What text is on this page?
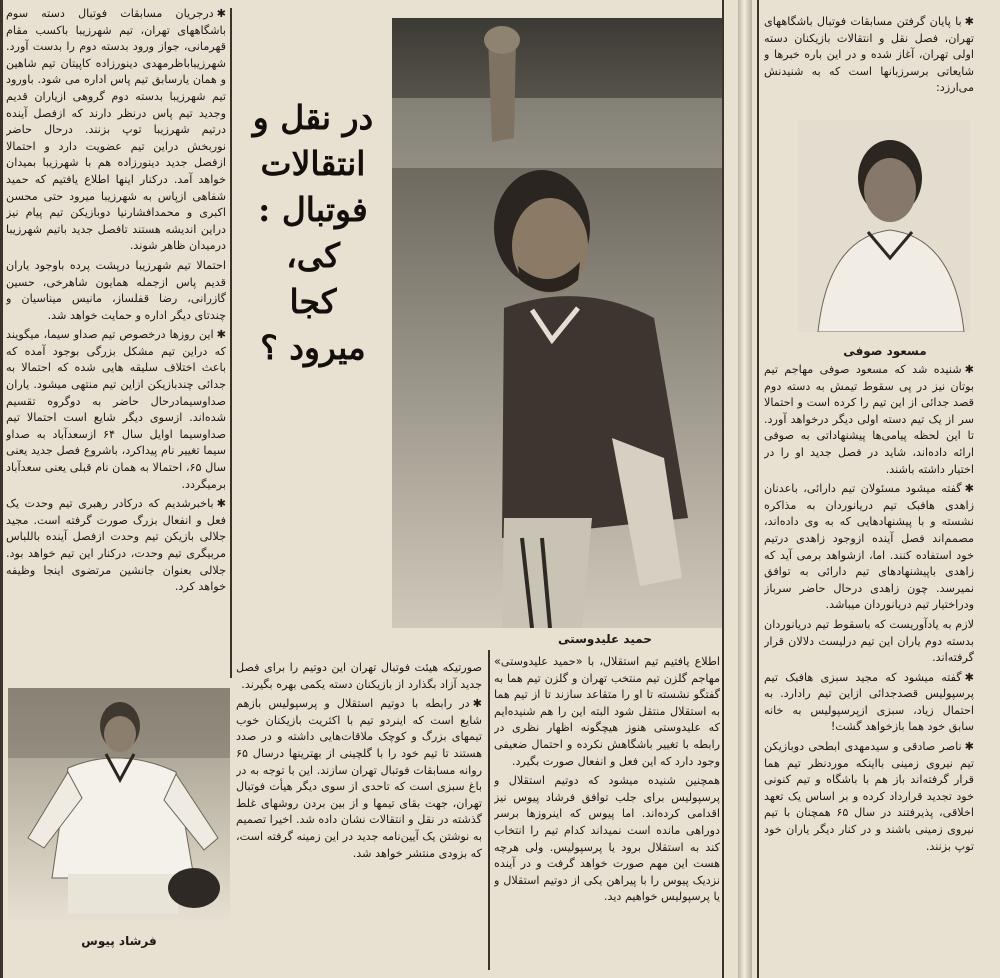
✱درجریان مسابقات فوتبال دسته سوم باشگاههای تهران، تیم شهرزیبا باکسب مقام قهرمانی، جواز ورود بدسته دوم را بدست آورد. شهرزیباباظرمهدی دینورزاده کاپیتان تیم شاهین و همان یارسابق تیم پاس اداره می شود. باورود تیم شهرزیبا بدسته دوم گروهی ازیاران قدیم وجدید تیم پاس درنظر دارند که ازفصل آینده درتیم شهرزیبا توپ بزنند. درحال حاضر نوربخش دراین تیم عضویت دارد و احتمالا ازفصل جدید دینورزاده هم با شهرزیبا بمیدان خواهد آمد. درکنار اینها اطلاع یافتیم که حمید شفاهی ازپاس به شهرزیبا میرود حتی محسن اکبری و محمدافشارنیا دوبازیکن تیم پیام نیز دراین اندیشه هستند تافصل جدید باتیم شهرزیبا درمیدان ظاهر شوند.

احتمالا تیم شهرزیبا درپشت پرده باوجود یاران قدیم پاس ازجمله همایون شاهرخی، حسین گازرانی، رضا قفلساز، مانیس میناسیان و چندتای دیگر اداره و حمایت خواهد شد.

✱این روزها درخصوص تیم صداو سیما، میگویند که دراین تیم مشکل بزرگی بوجود آمده که باعث اختلاف سلیقه هایی شده که احتمالا به جدائی چندبازیکن ازاین تیم منتهی میشود. یاران صداوسیمادرحال حاضر به دوگروه تقسیم شده‌اند. ازسوی دیگر شایع است احتمالا تیم صداوسیما اوایل سال ۶۴ ازسعدآباد به صداو سیما تغییر نام پیداکرد، باشروع فصل جدید یعنی سال ۶۵، احتمالا به همان نام قبلی یعنی سعدآباد برمیگردد.

✱باخبرشدیم که درکادر رهبری تیم وحدت یک فعل و انفعال بزرگ صورت گرفته است. مجید جلالی بازیکن تیم وحدت ازفصل آینده باللباس مربیگری تیم وحدت، درکنار این تیم خواهد بود. جلالی بعنوان جانشین مرتضوی اینجا وظیفه خواهد کرد.

فرشاد پیوس
حمید علیدوستی
در نقل و
انتقالات
فوتبال :
کی،
کجا
میرود ؟

صورتیکه هیئت فوتبال تهران این دوتیم را برای فصل جدید آزاد بگذارد از بازیکنان دسته یکمی بهره بگیرند.

✱در رابطه با دوتیم استقلال و پرسپولیس بازهم شایع است که اینردو تیم با اکثریت بازیکنان خوب تیمهای بزرگ و کوچک ملاقات‌هایی داشته و در صدد هستند تا تیم خود را با گلچینی از بهترینها درسال ۶۵ روانه مسابقات فوتبال تهران سازند. این با توجه به در باغ سبزی است که تاحدی از سوی دیگر هیأت فوتبال تهران، جهت بقای تیمها و از بین بردن روشهای غلط گذشته در نقل و انتقالات نشان داده شد. اخیرا تصمیم به نوشتن یک آیین‌نامه جدید در این زمینه گرفته است، که بزودی منتشر خواهد شد.

اطلاع یافتیم تیم استقلال، با «حمید علیدوستی» مهاجم گلزن تیم منتخب تهران و گلزن تیم هما به گفتگو نشسته تا او را متقاعد سازند تا از تیم هما به استقلال منتقل شود البته این را هم شنیده‌ایم که علیدوستی هنوز هیچگونه اظهار نظری در رابطه با تغییر باشگاهش نکرده و احتمال ضعیفی وجود دارد که این فعل و انفعال صورت بگیرد.

همچنین شنیده میشود که دوتیم استقلال و پرسپولیس برای جلب توافق فرشاد پیوس نیز اقدامی کرده‌اند. اما پیوس که اینروزها برسر دوراهی مانده است نمیداند کدام تیم را انتخاب کند به استقلال برود یا پرسپولیس. ولی هرچه هست این مهم صورت خواهد گرفت و در آینده نزدیک پیوس را با پیراهن یکی از دوتیم استقلال و یا پرسپولیس خواهیم دید.

✱با پایان گرفتن مسابقات فوتبال باشگاههای تهران، فصل نقل و انتقالات بازیکنان دسته اولی تهران، آغاز شده و در این باره خبرها و شایعاتی برسرزبانها است که به شنیدنش می‌ارزد:

مسعود صوفی

✱شنیده شد که مسعود صوفی مهاجم تیم بوتان نیز در پی سقوط تیمش به دسته دوم قصد جدائی از این تیم را کرده است و احتمالا سر از یک تیم دسته اولی دیگر درخواهد آورد. تا این لحظه پیامی‌ها پیشنهاداتی به صوفی ارائه داده‌اند، شاید در فصل جدید او را در اختیار داشته باشند.

✱گفته میشود مسئولان تیم دارائی، باعدنان زاهدی هافبک تیم دریانوردان به مذاکره نشسته و با پیشنهادهایی که به وی داده‌اند، مصمم‌اند فصل آینده ازوجود زاهدی درتیم خود استفاده کنند. اما، ازشواهد برمی آید که زاهدی باپیشنهادهای تیم دارائی به توافق نمیرسد. چون زاهدی درحال حاضر سرباز ودراختیار تیم دریانوردان میباشد.

لازم به یادآوریست که باسقوط تیم دریانوردان بدسته دوم یاران این تیم درلیست دلالان قرار گرفته‌اند.

✱گفته میشود که مجید سبزی هافبک تیم پرسپولیس قصدجدائی ازاین تیم رادارد. به احتمال زیاد، سبزی ازپرسپولیس به خانه سابق خود هما بازخواهد گشت!

✱ناصر صادقی و سیدمهدی ابطحی دوبازیکن تیم نیروی زمینی بااینکه موردنظر تیم هما قرار گرفته‌اند باز هم با باشگاه و تیم کنونی خود تجدید قرارداد کرده و بر اساس یک تعهد اخلاقی، پذیرفتند در سال ۶۵ همچنان با تیم نیروی زمینی باشند و در کنار دیگر یاران خود توپ بزنند.
